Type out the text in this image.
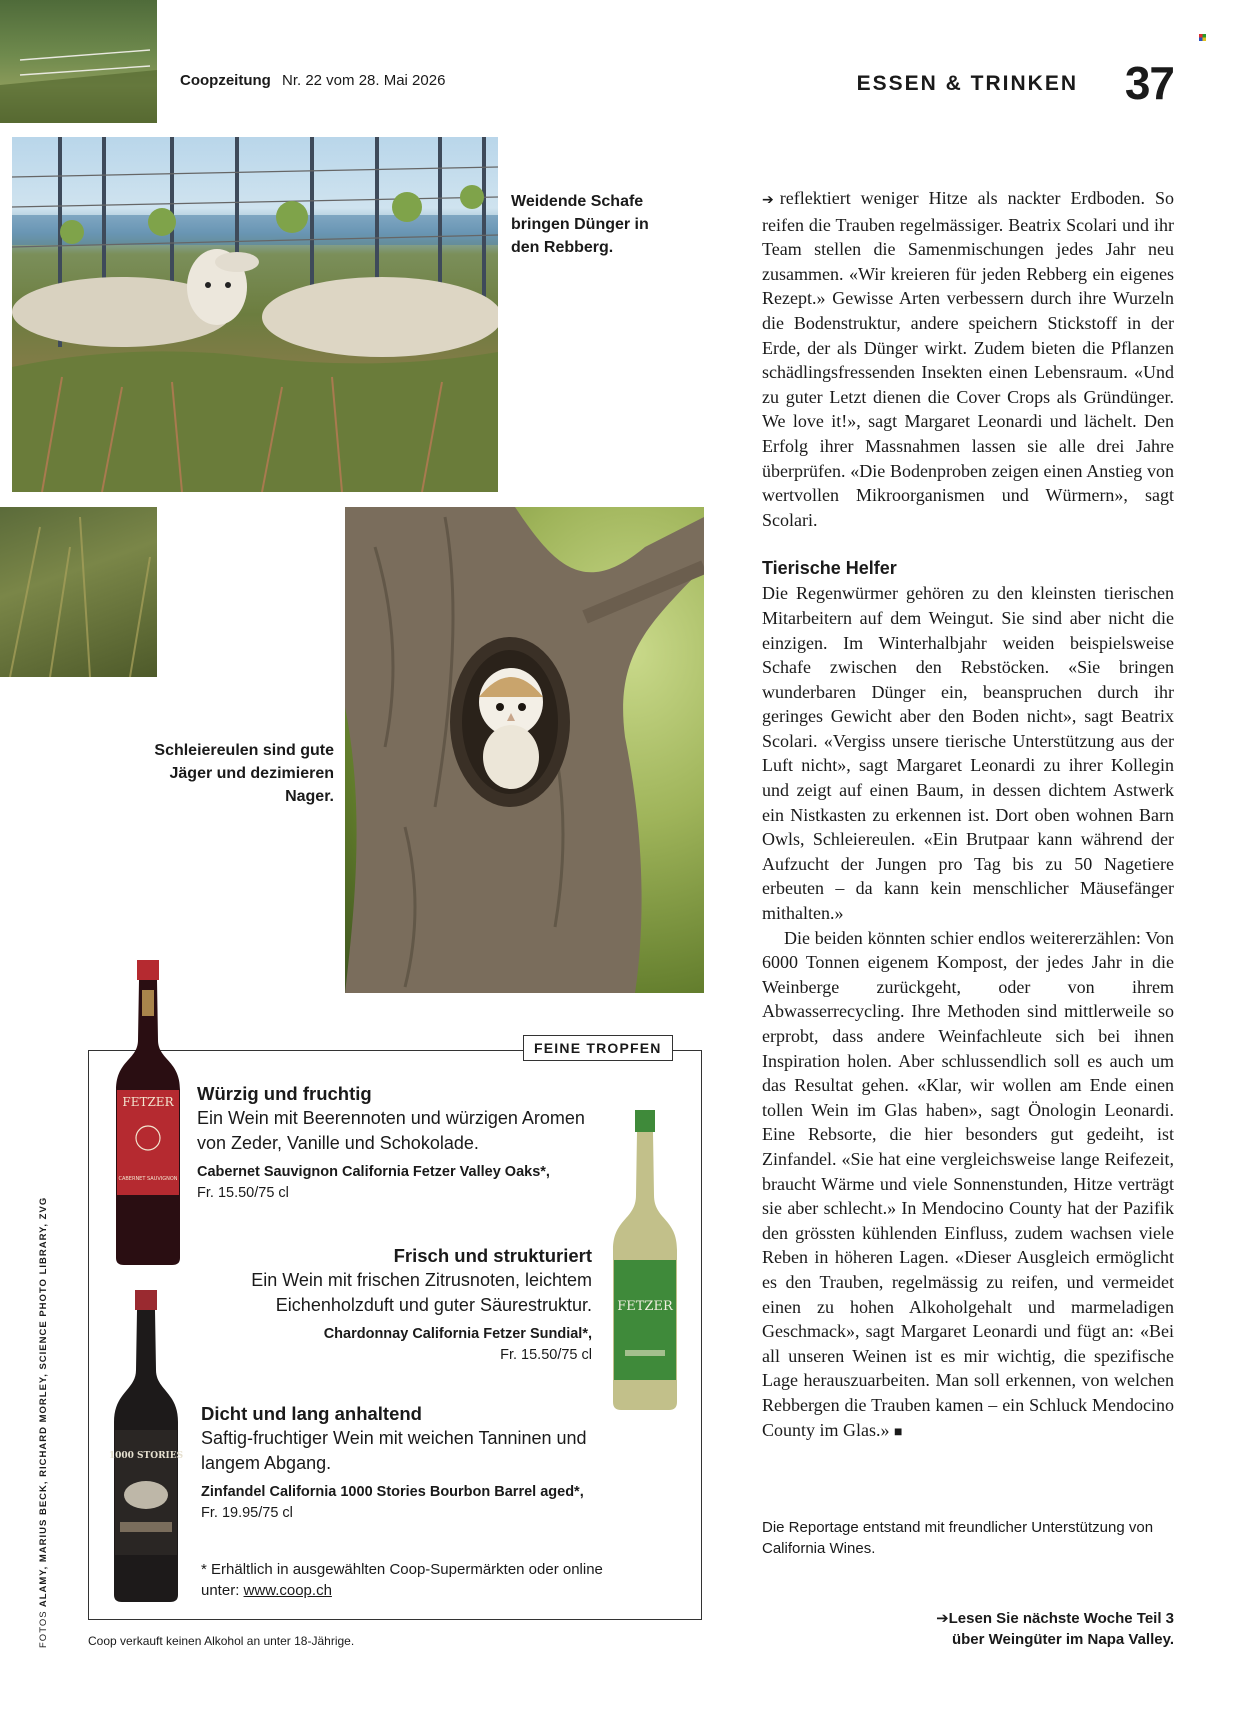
Coopzeitung Nr. 22 vom 28. Mai 2026	ESSEN & TRINKEN 37
Weidende Schafe bringen Dünger in den Rebberg.
Schleiereulen sind gute Jäger und dezimieren Nager.

➔ reflektiert weniger Hitze als nackter Erdboden. So reifen die Trauben regelmässiger. Beatrix Scolari und ihr Team stellen die Samenmischungen jedes Jahr neu zusammen. «Wir kreieren für jeden Rebberg ein eigenes Rezept.» Gewisse Arten verbessern durch ihre Wurzeln die Bodenstruktur, andere speichern Stickstoff in der Erde, der als Dünger wirkt. Zudem bieten die Pflanzen schädlingsfressenden Insekten einen Lebensraum. «Und zu guter Letzt dienen die Cover Crops als Gründünger. We love it!», sagt Margaret Leonardi und lächelt. Den Erfolg ihrer Massnahmen lassen sie alle drei Jahre überprüfen. «Die Bodenproben zeigen einen Anstieg von wertvollen Mikroorganismen und Würmern», sagt Scolari.

Tierische Helfer

Die Regenwürmer gehören zu den kleinsten tierischen Mitarbeitern auf dem Weingut. Sie sind aber nicht die einzigen. Im Winterhalbjahr weiden beispielsweise Schafe zwischen den Rebstöcken. «Sie bringen wunderbaren Dünger ein, beanspruchen durch ihr geringes Gewicht aber den Boden nicht», sagt Beatrix Scolari. «Vergiss unsere tierische Unterstützung aus der Luft nicht», sagt Margaret Leonardi zu ihrer Kollegin und zeigt auf einen Baum, in dessen dichtem Astwerk ein Nistkasten zu erkennen ist. Dort oben wohnen Barn Owls, Schleiereulen. «Ein Brutpaar kann während der Aufzucht der Jungen pro Tag bis zu 50 Nagetiere erbeuten – da kann kein menschlicher Mäusefänger mithalten.»

Die beiden könnten schier endlos weitererzählen: Von 6000 Tonnen eigenem Kompost, der jedes Jahr in die Weinberge zurückgeht, oder von ihrem Abwasserrecycling. Ihre Methoden sind mittlerweile so erprobt, dass andere Weinfachleute sich bei ihnen Inspiration holen. Aber schlussendlich soll es auch um das Resultat gehen. «Klar, wir wollen am Ende einen tollen Wein im Glas haben», sagt Önologin Leonardi. Eine Rebsorte, die hier besonders gut gedeiht, ist Zinfandel. «Sie hat eine vergleichsweise lange Reifezeit, braucht Wärme und viele Sonnenstunden, Hitze verträgt sie aber schlecht.» In Mendocino County hat der Pazifik den grössten kühlenden Einfluss, zudem wachsen viele Reben in höheren Lagen. «Dieser Ausgleich ermöglicht es den Trauben, regelmässig zu reifen, und vermeidet einen zu hohen Alkoholgehalt und marmeladigen Geschmack», sagt Margaret Leonardi und fügt an: «Bei all unseren Weinen ist es mir wichtig, die spezifische Lage herauszuarbeiten. Man soll erkennen, von welchen Rebbergen die Trauben kamen – ein Schluck Mendocino County im Glas.» ■

Die Reportage entstand mit freundlicher Unterstützung von California Wines.
➔Lesen Sie nächste Woche Teil 3
über Weingüter im Napa Valley.
FEINE TROPFEN
FETZER
CABERNET SAUVIGNON
FETZER
1000 STORIES
Würzig und fruchtig
Ein Wein mit Beerennoten und würzigen Aromen von Zeder, Vanille und Schokolade.
Cabernet Sauvignon California Fetzer Valley Oaks*,
Fr. 15.50/75 cl
Frisch und strukturiert
Ein Wein mit frischen Zitrusnoten, leichtem Eichenholzduft und guter Säurestruktur.
Chardonnay California Fetzer Sundial*,
Fr. 15.50/75 cl
Dicht und lang anhaltend
Saftig-fruchtiger Wein mit weichen Tanninen und langem Abgang.
Zinfandel California 1000 Stories Bourbon Barrel aged*,
Fr. 19.95/75 cl
* Erhältlich in ausgewählten Coop-Supermärkten oder online unter: www.coop.ch
Coop verkauft keinen Alkohol an unter 18-Jährige.
FOTOS ALAMY, MARIUS BECK, RICHARD MORLEY, SCIENCE PHOTO LIBRARY, ZVG
